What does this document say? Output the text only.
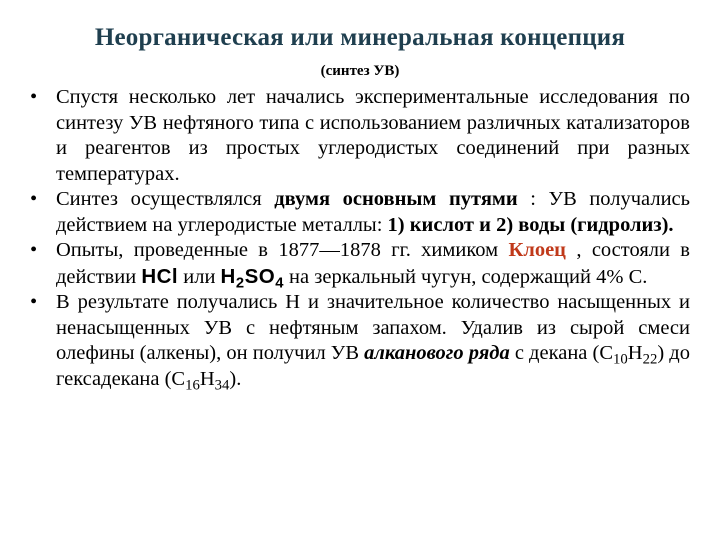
Неорганическая или минеральная концепция
(синтез УВ)
• Спустя несколько лет начались экспериментальные исследования по синтезу УВ нефтяного типа с использованием различных катализаторов и реагентов из простых углеродистых соединений при разных температурах.
• Синтез осуществлялся двумя основным путями : УВ получались действием на углеродистые металлы: 1) кислот и 2) воды (гидролиз).
• Опыты, проведенные в 1877—1878 гг. химиком Клоец , состояли в действии HCl или $H_2SO_4$ на зеркальный чугун, содержащий 4% С.
• В результате получались Н и значительное количество насыщенных и ненасыщенных УВ с нефтяным запахом. Удалив из сырой смеси олефины (алкены), он получил УВ алканового ряда с декана $(С_{10}Н_{22})$ до гексадекана $(С_{16}Н_{34})$.
